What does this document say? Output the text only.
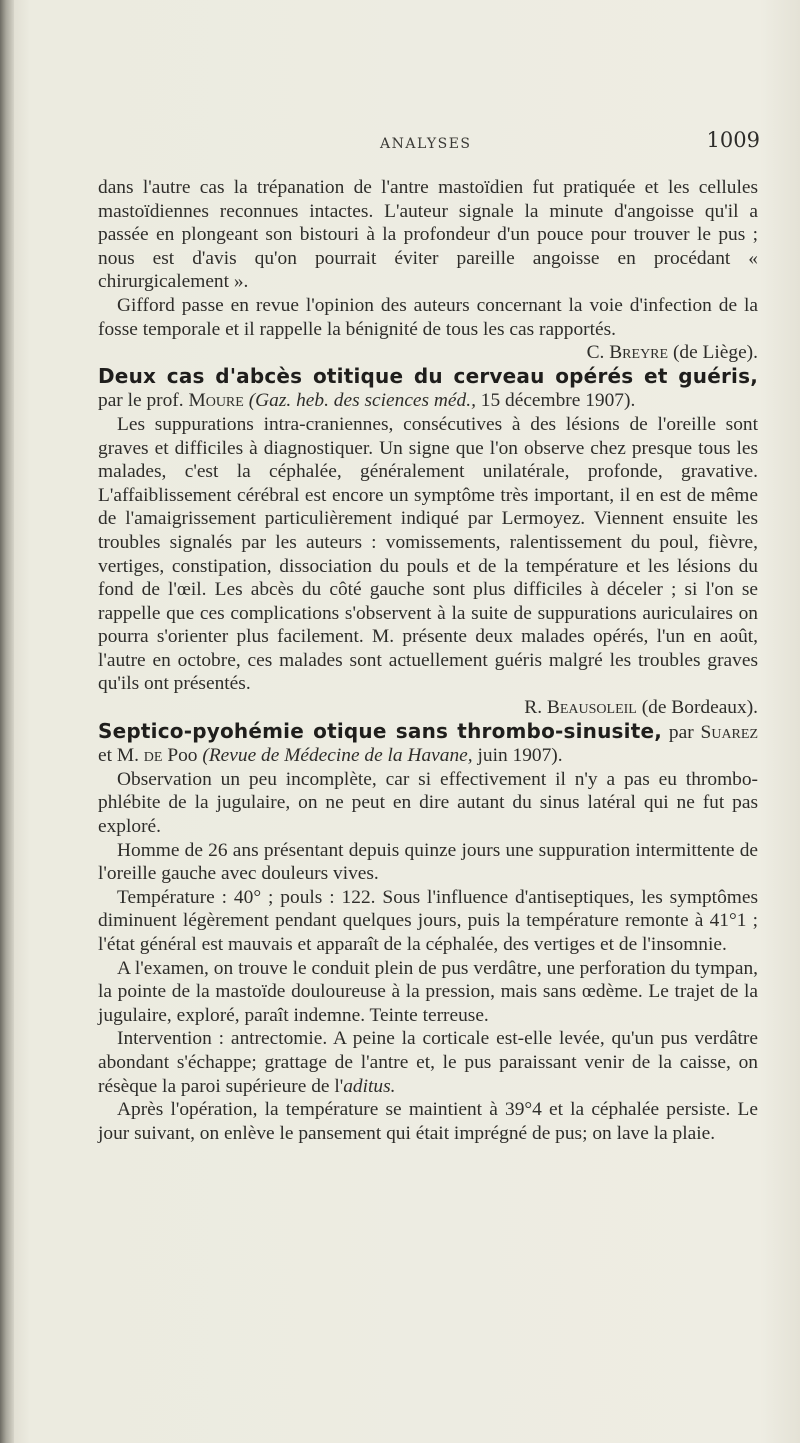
ANALYSES	1009

dans l'autre cas la trépanation de l'antre mastoïdien fut pratiquée et les cellules mastoïdiennes reconnues intactes. L'auteur signale la minute d'angoisse qu'il a passée en plongeant son bistouri à la profondeur d'un pouce pour trouver le pus ; nous est d'avis qu'on pourrait éviter pareille angoisse en procédant « chirurgicalement ».

Gifford passe en revue l'opinion des auteurs concernant la voie d'infection de la fosse temporale et il rappelle la bénignité de tous les cas rapportés.

C. Breyre (de Liège).

Deux cas d'abcès otitique du cerveau opérés et guéris, par le prof. Moure (Gaz. heb. des sciences méd., 15 décembre 1907).

Les suppurations intra-craniennes, consécutives à des lésions de l'oreille sont graves et difficiles à diagnostiquer. Un signe que l'on observe chez presque tous les malades, c'est la céphalée, généralement unilatérale, profonde, gravative. L'affaiblissement cérébral est encore un symptôme très important, il en est de même de l'amaigrissement particulièrement indiqué par Lermoyez. Viennent ensuite les troubles signalés par les auteurs : vomissements, ralentissement du poul, fièvre, vertiges, constipation, dissociation du pouls et de la température et les lésions du fond de l'œil. Les abcès du côté gauche sont plus difficiles à déceler ; si l'on se rappelle que ces complications s'observent à la suite de suppurations auriculaires on pourra s'orienter plus facilement. M. présente deux malades opérés, l'un en août, l'autre en octobre, ces malades sont actuellement guéris malgré les troubles graves qu'ils ont présentés.

R. Beausoleil (de Bordeaux).

Septico-pyohémie otique sans thrombo-sinusite, par Suarez et M. de Poo (Revue de Médecine de la Havane, juin 1907).

Observation un peu incomplète, car si effectivement il n'y a pas eu thrombo-phlébite de la jugulaire, on ne peut en dire autant du sinus latéral qui ne fut pas exploré.

Homme de 26 ans présentant depuis quinze jours une suppuration intermittente de l'oreille gauche avec douleurs vives.

Température : 40° ; pouls : 122. Sous l'influence d'antiseptiques, les symptômes diminuent légèrement pendant quelques jours, puis la température remonte à 41°1 ; l'état général est mauvais et apparaît de la céphalée, des vertiges et de l'insomnie.

A l'examen, on trouve le conduit plein de pus verdâtre, une perforation du tympan, la pointe de la mastoïde douloureuse à la pression, mais sans œdème. Le trajet de la jugulaire, exploré, paraît indemne. Teinte terreuse.

Intervention : antrectomie. A peine la corticale est-elle levée, qu'un pus verdâtre abondant s'échappe; grattage de l'antre et, le pus paraissant venir de la caisse, on résèque la paroi supérieure de l'aditus.

Après l'opération, la température se maintient à 39°4 et la céphalée persiste. Le jour suivant, on enlève le pansement qui était imprégné de pus; on lave la plaie.
